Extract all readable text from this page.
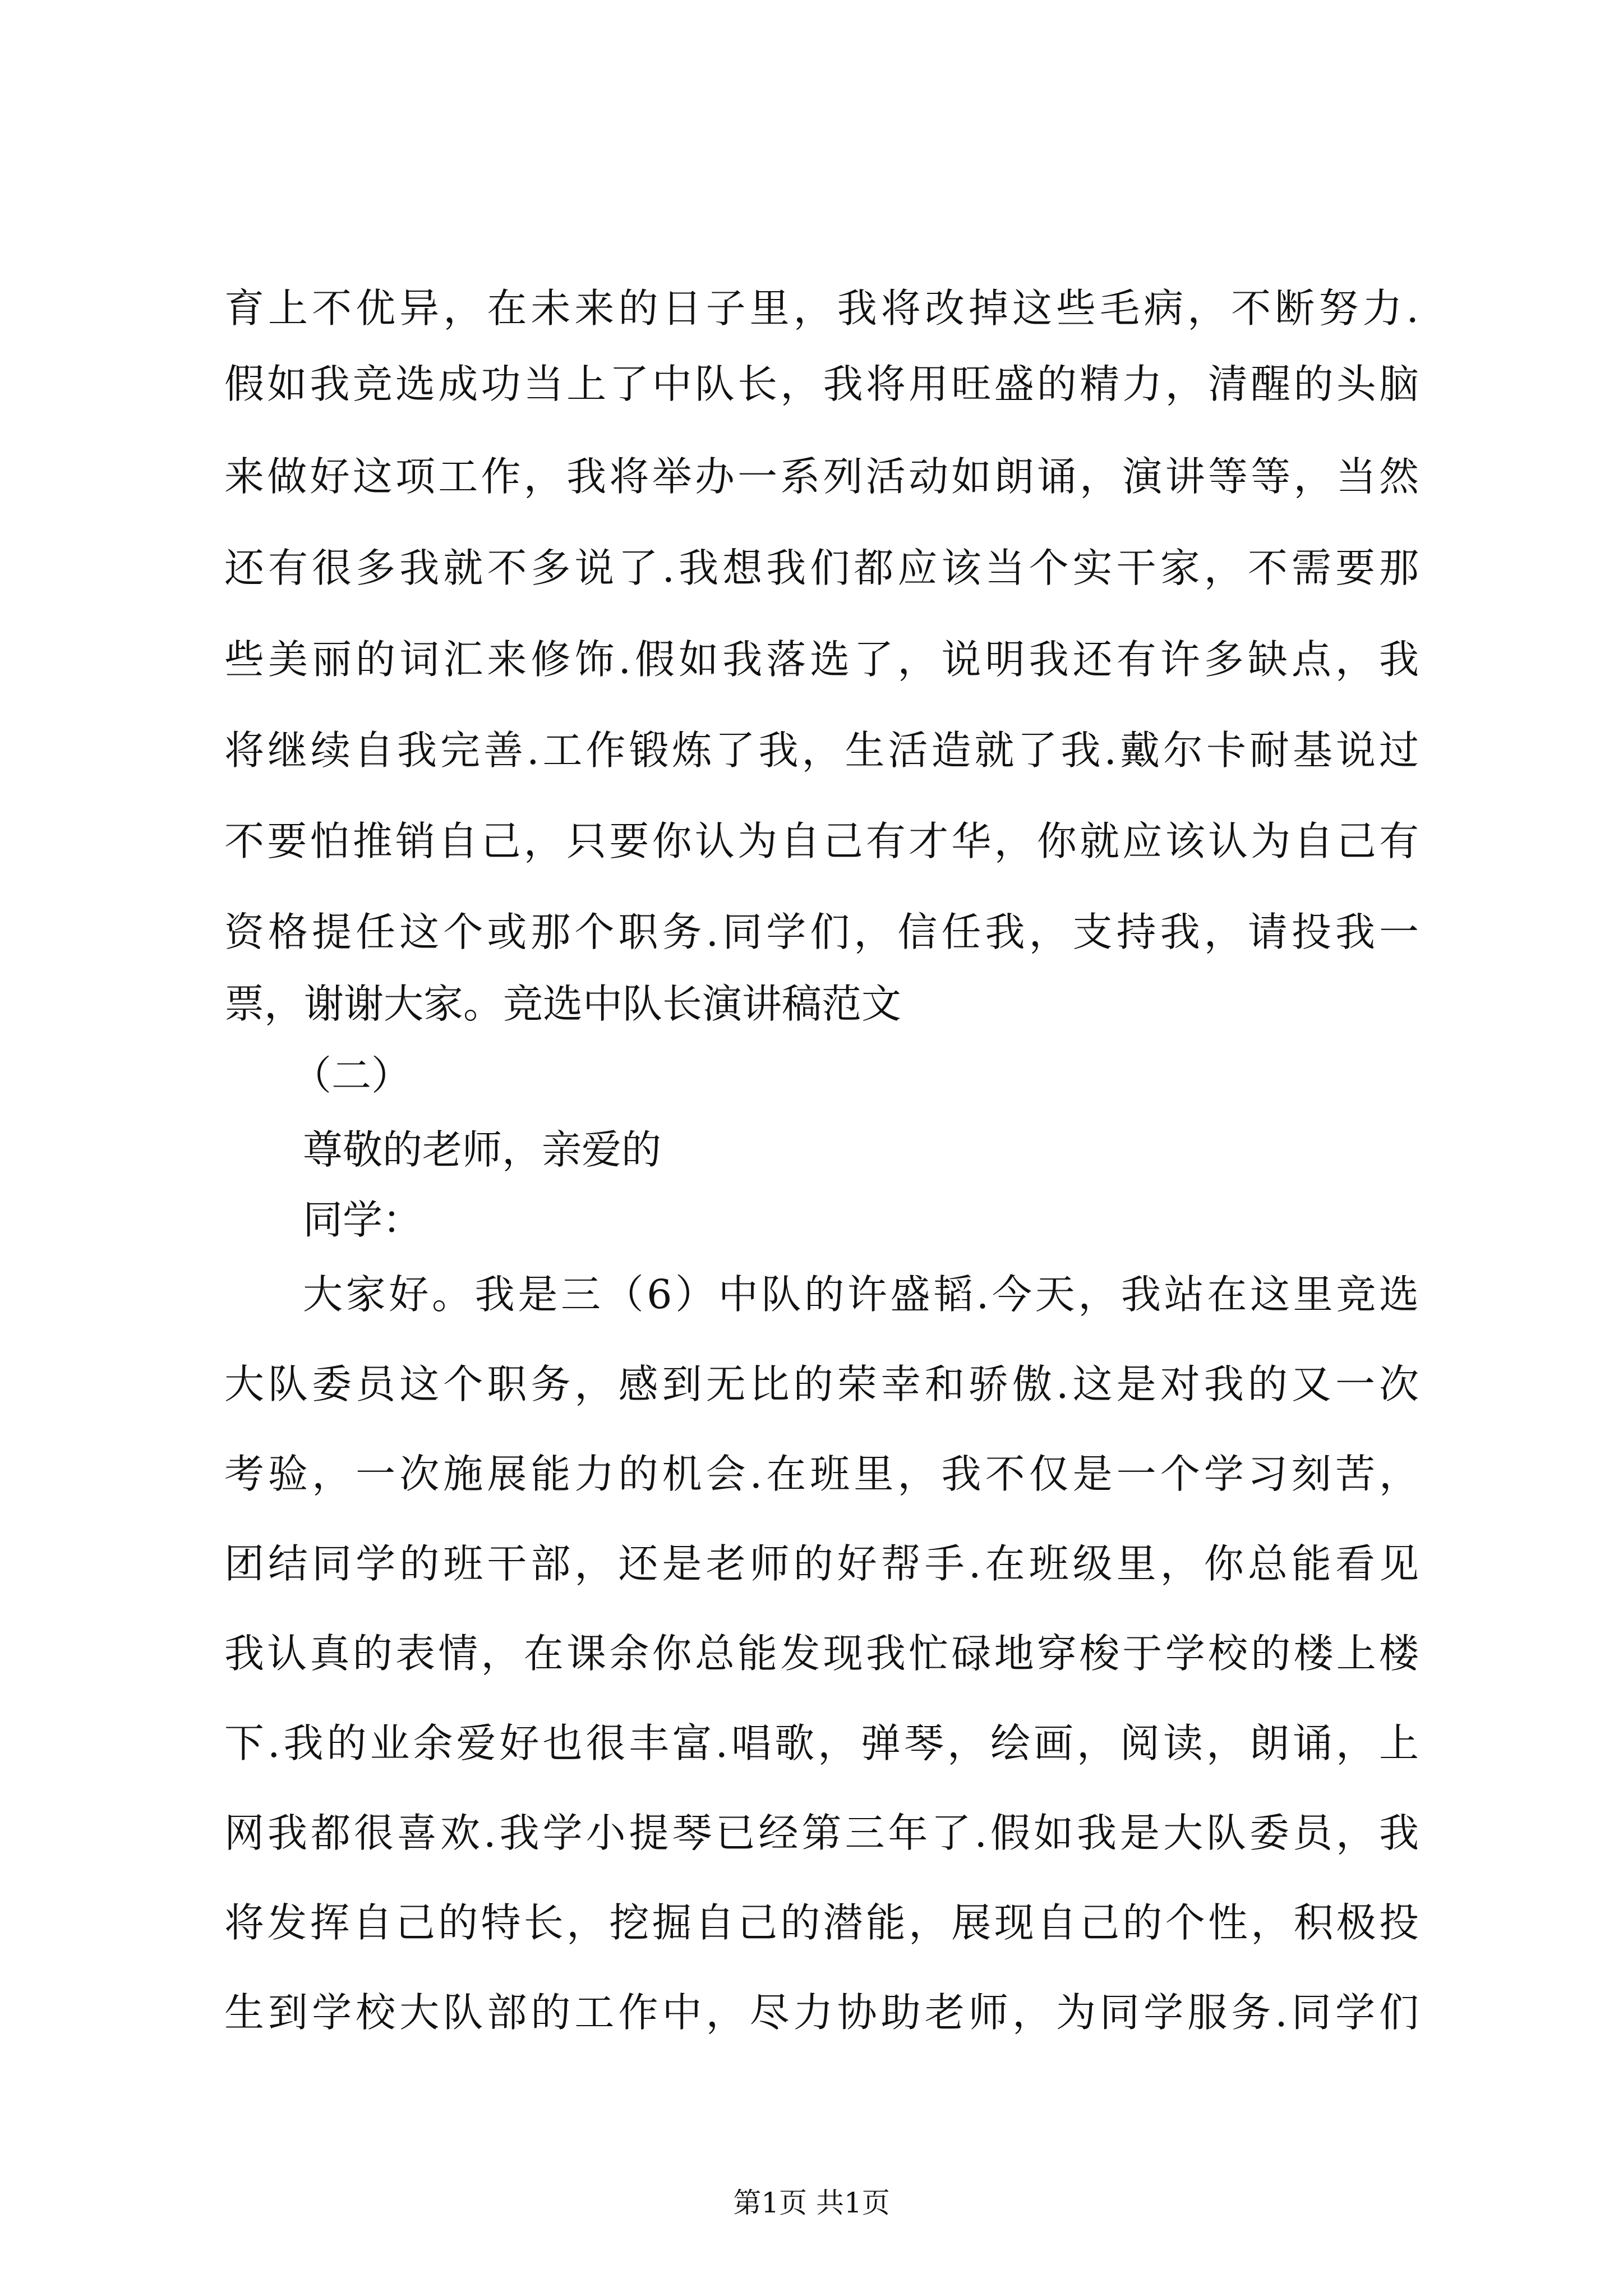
育上不优异，在未来的日子里，我将改掉这些毛病，不断努力.
假如我竞选成功当上了中队长，我将用旺盛的精力，清醒的头脑
来做好这项工作，我将举办一系列活动如朗诵，演讲等等，当然
还有很多我就不多说了.我想我们都应该当个实干家，不需要那
些美丽的词汇来修饰.假如我落选了，说明我还有许多缺点，我
将继续自我完善.工作锻炼了我，生活造就了我.戴尔卡耐基说过
不要怕推销自己，只要你认为自己有才华，你就应该认为自己有
资格提任这个或那个职务.同学们，信任我，支持我，请投我一
票，谢谢大家。竞选中队长演讲稿范文
（二）
尊敬的老师，亲爱的
同学：
大家好。我是三（6）中队的许盛韬.今天，我站在这里竞选
大队委员这个职务，感到无比的荣幸和骄傲.这是对我的又一次
考验，一次施展能力的机会.在班里，我不仅是一个学习刻苦，
团结同学的班干部，还是老师的好帮手.在班级里，你总能看见
我认真的表情，在课余你总能发现我忙碌地穿梭于学校的楼上楼
下.我的业余爱好也很丰富.唱歌，弹琴，绘画，阅读，朗诵，上
网我都很喜欢.我学小提琴已经第三年了.假如我是大队委员，我
将发挥自己的特长，挖掘自己的潜能，展现自己的个性，积极投
生到学校大队部的工作中，尽力协助老师，为同学服务.同学们
第1页 共1页
